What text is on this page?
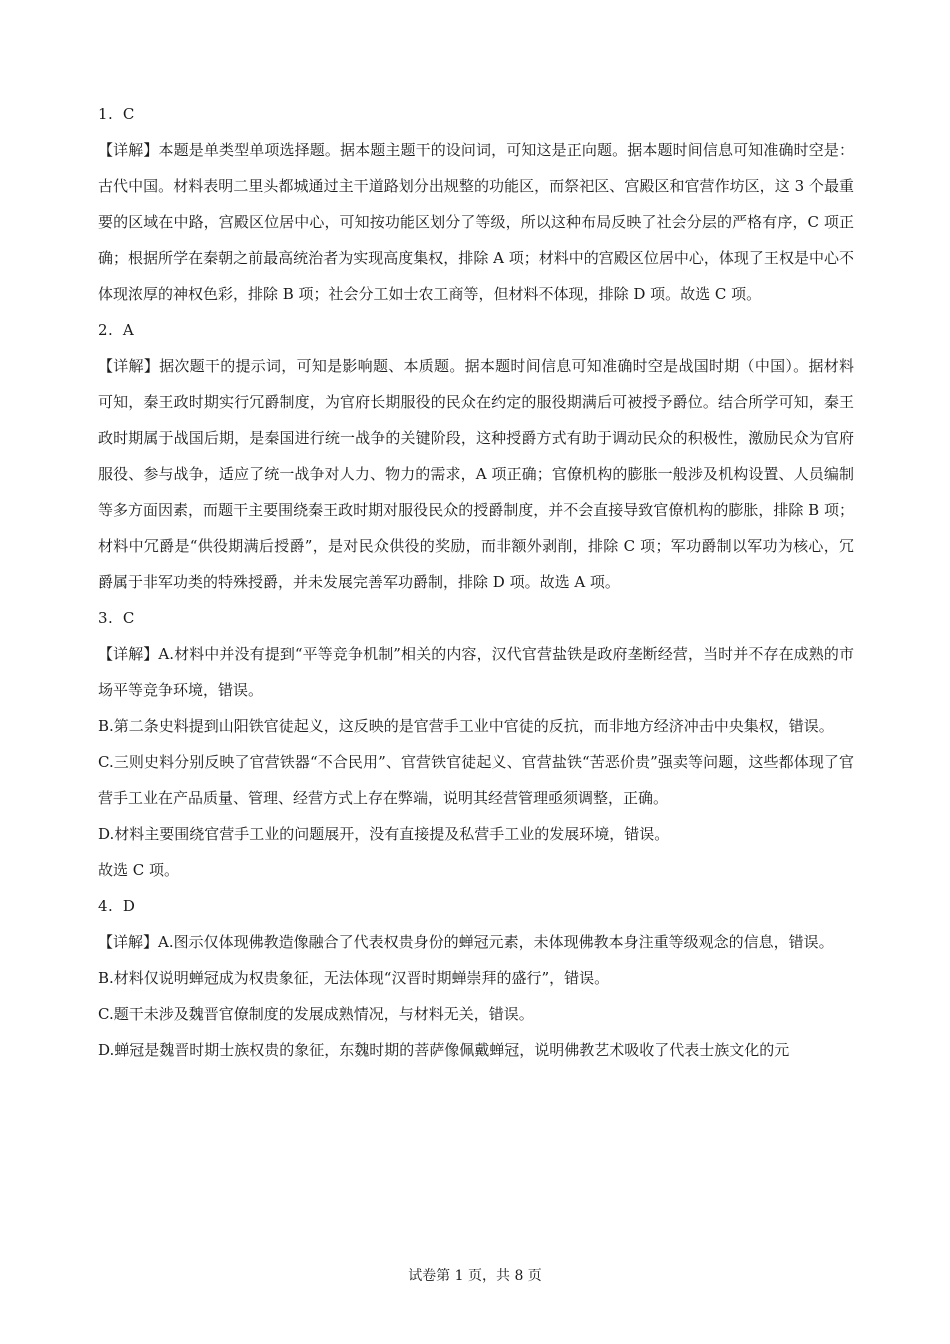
1. C

【详解】本题是单类型单项选择题。据本题主题干的设问词，可知这是正向题。据本题时间信息可知准确时空是：古代中国。材料表明二里头都城通过主干道路划分出规整的功能区，而祭祀区、宫殿区和官营作坊区，这 3 个最重要的区域在中路，宫殿区位居中心，可知按功能区划分了等级，所以这种布局反映了社会分层的严格有序，C 项正确；根据所学在秦朝之前最高统治者为实现高度集权，排除 A 项；材料中的宫殿区位居中心，体现了王权是中心不体现浓厚的神权色彩，排除 B 项；社会分工如士农工商等，但材料不体现，排除 D 项。故选 C 项。

2. A

【详解】据次题干的提示词，可知是影响题、本质题。据本题时间信息可知准确时空是战国时期（中国）。据材料可知，秦王政时期实行冗爵制度，为官府长期服役的民众在约定的服役期满后可被授予爵位。结合所学可知，秦王政时期属于战国后期，是秦国进行统一战争的关键阶段，这种授爵方式有助于调动民众的积极性，激励民众为官府服役、参与战争，适应了统一战争对人力、物力的需求，A 项正确；官僚机构的膨胀一般涉及机构设置、人员编制等多方面因素，而题干主要围绕秦王政时期对服役民众的授爵制度，并不会直接导致官僚机构的膨胀，排除 B 项；材料中冗爵是“供役期满后授爵”，是对民众供役的奖励，而非额外剥削，排除 C 项；军功爵制以军功为核心，冗爵属于非军功类的特殊授爵，并未发展完善军功爵制，排除 D 项。故选 A 项。

3. C

【详解】A.材料中并没有提到“平等竞争机制”相关的内容，汉代官营盐铁是政府垄断经营，当时并不存在成熟的市场平等竞争环境，错误。

B.第二条史料提到山阳铁官徒起义，这反映的是官营手工业中官徒的反抗，而非地方经济冲击中央集权，错误。

C.三则史料分别反映了官营铁器“不合民用”、官营铁官徒起义、官营盐铁“苦恶价贵”强卖等问题，这些都体现了官营手工业在产品质量、管理、经营方式上存在弊端，说明其经营管理亟须调整，正确。

D.材料主要围绕官营手工业的问题展开，没有直接提及私营手工业的发展环境，错误。

故选 C 项。

4. D

【详解】A.图示仅体现佛教造像融合了代表权贵身份的蝉冠元素，未体现佛教本身注重等级观念的信息，错误。

B.材料仅说明蝉冠成为权贵象征，无法体现“汉晋时期蝉崇拜的盛行”，错误。

C.题干未涉及魏晋官僚制度的发展成熟情况，与材料无关，错误。

D.蝉冠是魏晋时期士族权贵的象征，东魏时期的菩萨像佩戴蝉冠，说明佛教艺术吸收了代表士族文化的元

试卷第 1 页，共 8 页
